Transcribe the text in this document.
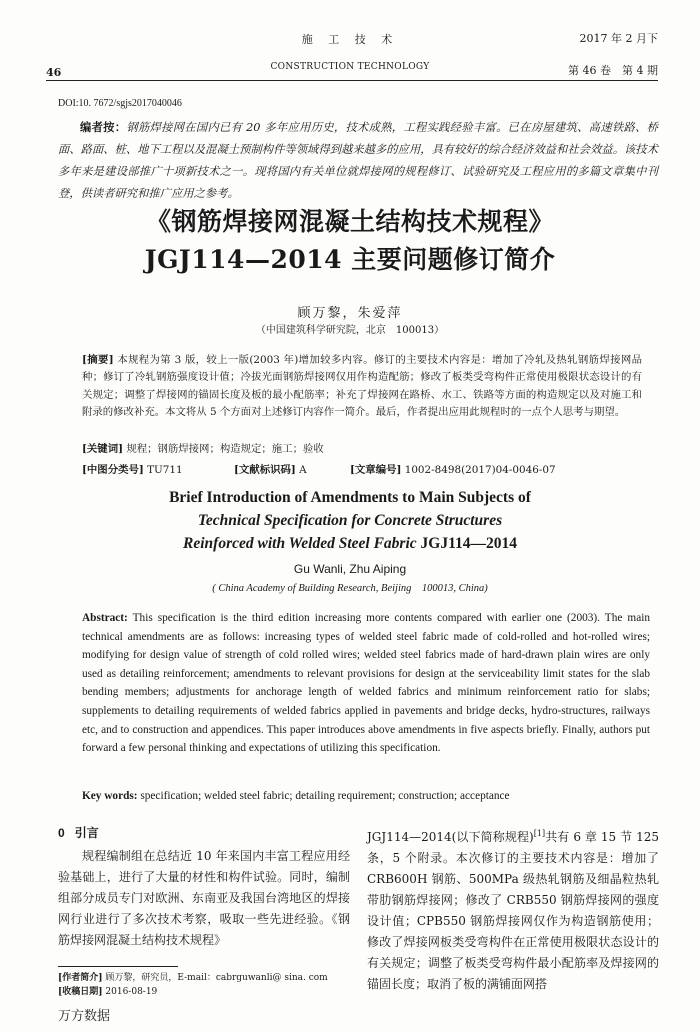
46
施 工 技 术
CONSTRUCTION TECHNOLOGY
2017 年 2 月下
第 46 卷　第 4 期
DOI:10. 7672/sgjs2017040046
编者按：钢筋焊接网在国内已有 20 多年应用历史，技术成熟，工程实践经验丰富。已在房屋建筑、高速铁路、桥面、路面、桩、地下工程以及混凝土预制构件等领域得到越来越多的应用，具有较好的综合经济效益和社会效益。该技术多年来是建设部推广十项新技术之一。现将国内有关单位就焊接网的规程修订、试验研究及工程应用的多篇文章集中刊登，供读者研究和推广应用之参考。
《钢筋焊接网混凝土结构技术规程》
JGJ114—2014 主要问题修订简介
顾万黎，朱爱萍
（中国建筑科学研究院，北京　100013）
[摘要] 本规程为第 3 版，较上一版(2003 年)增加较多内容。修订的主要技术内容是：增加了冷轧及热轧钢筋焊接网品种；修订了冷轧钢筋强度设计值；冷拔光面钢筋焊接网仅用作构造配筋；修改了板类受弯构件正常使用极限状态设计的有关规定；调整了焊接网的锚固长度及板的最小配筋率；补充了焊接网在路桥、水工、铁路等方面的构造规定以及对施工和附录的修改补充。本文将从 5 个方面对上述修订内容作一简介。最后，作者提出应用此规程时的一点个人思考与期望。
[关键词] 规程；钢筋焊接网；构造规定；施工；验收
[中图分类号] TU711	[文献标识码] A	[文章编号] 1002-8498(2017)04-0046-07
Brief Introduction of Amendments to Main Subjects of
Technical Specification for Concrete Structures
Reinforced with Welded Steel Fabric JGJ114—2014
Gu Wanli, Zhu Aiping
( China Academy of Building Research, Beijing　100013, China)
Abstract: This specification is the third edition increasing more contents compared with earlier one (2003). The main technical amendments are as follows: increasing types of welded steel fabric made of cold-rolled and hot-rolled wires; modifying for design value of strength of cold rolled wires; welded steel fabrics made of hard-drawn plain wires are only used as detailing reinforcement; amendments to relevant provisions for design at the serviceability limit states for the slab bending members; adjustments for anchorage length of welded fabrics and minimum reinforcement ratio for slabs; supplements to detailing requirements of welded fabrics applied in pavements and bridge decks, hydro-structures, railways etc, and to construction and appendices. This paper introduces above amendments in five aspects briefly. Finally, authors put forward a few personal thinking and expectations of utilizing this specification.
Key words: specification; welded steel fabric; detailing requirement; construction; acceptance
0 引言

规程编制组在总结近 10 年来国内丰富工程应用经验基础上，进行了大量的材性和构件试验。同时，编制组部分成员专门对欧洲、东南亚及我国台湾地区的焊接网行业进行了多次技术考察，吸取一些先进经验。《钢筋焊接网混凝土结构技术规程》

JGJ114—2014(以下简称规程)[1]共有 6 章 15 节 125 条，5 个附录。本次修订的主要技术内容是：增加了 CRB600H 钢筋、500MPa 级热轧钢筋及细晶粒热轧带肋钢筋焊接网；修改了 CRB550 钢筋焊接网的强度设计值；CPB550 钢筋焊接网仅作为构造钢筋使用；修改了焊接网板类受弯构件在正常使用极限状态设计的有关规定；调整了板类受弯构件最小配筋率及焊接网的锚固长度；取消了板的满铺面网搭

[作者简介] 顾万黎，研究员，E-mail：cabrguwanli@ sina. com
[收稿日期] 2016-08-19
万方数据
